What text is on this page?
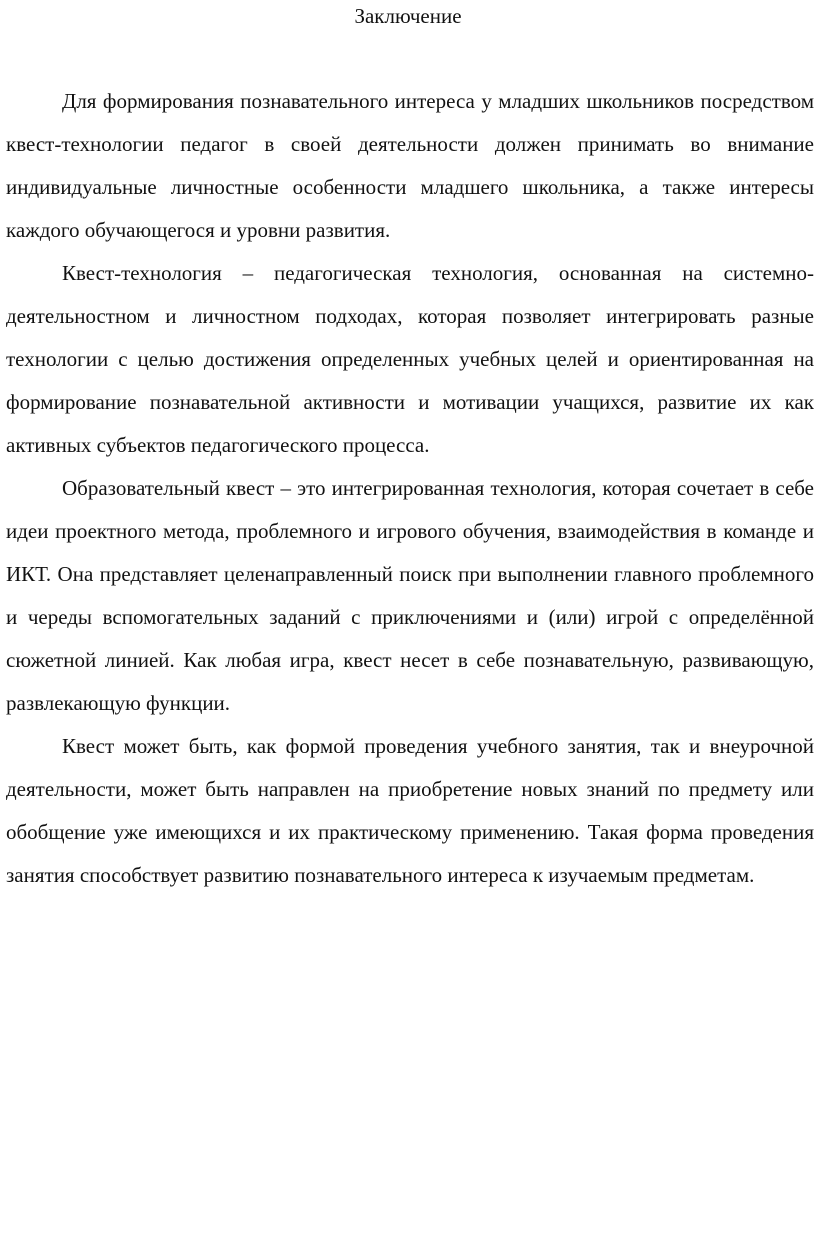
Заключение

Для формирования познавательного интереса у младших школьников посредством квест-технологии педагог в своей деятельности должен принимать во внимание индивидуальные личностные особенности младшего школьника, а также интересы каждого обучающегося и уровни развития.

Квест-технология – педагогическая технология, основанная на системно-деятельностном и личностном подходах, которая позволяет интегрировать разные технологии с целью достижения определенных учебных целей и ориентированная на формирование познавательной активности и мотивации учащихся, развитие их как активных субъектов педагогического процесса.

Образовательный квест – это интегрированная технология, которая сочетает в себе идеи проектного метода, проблемного и игрового обучения, взаимодействия в команде и ИКТ. Она представляет целенаправленный поиск при выполнении главного проблемного и череды вспомогательных заданий с приключениями и (или) игрой с определённой сюжетной линией. Как любая игра, квест несет в себе познавательную, развивающую, развлекающую функции.

Квест может быть, как формой проведения учебного занятия, так и внеурочной деятельности, может быть направлен на приобретение новых знаний по предмету или обобщение уже имеющихся и их практическому применению. Такая форма проведения занятия способствует развитию познавательного интереса к изучаемым предметам.
